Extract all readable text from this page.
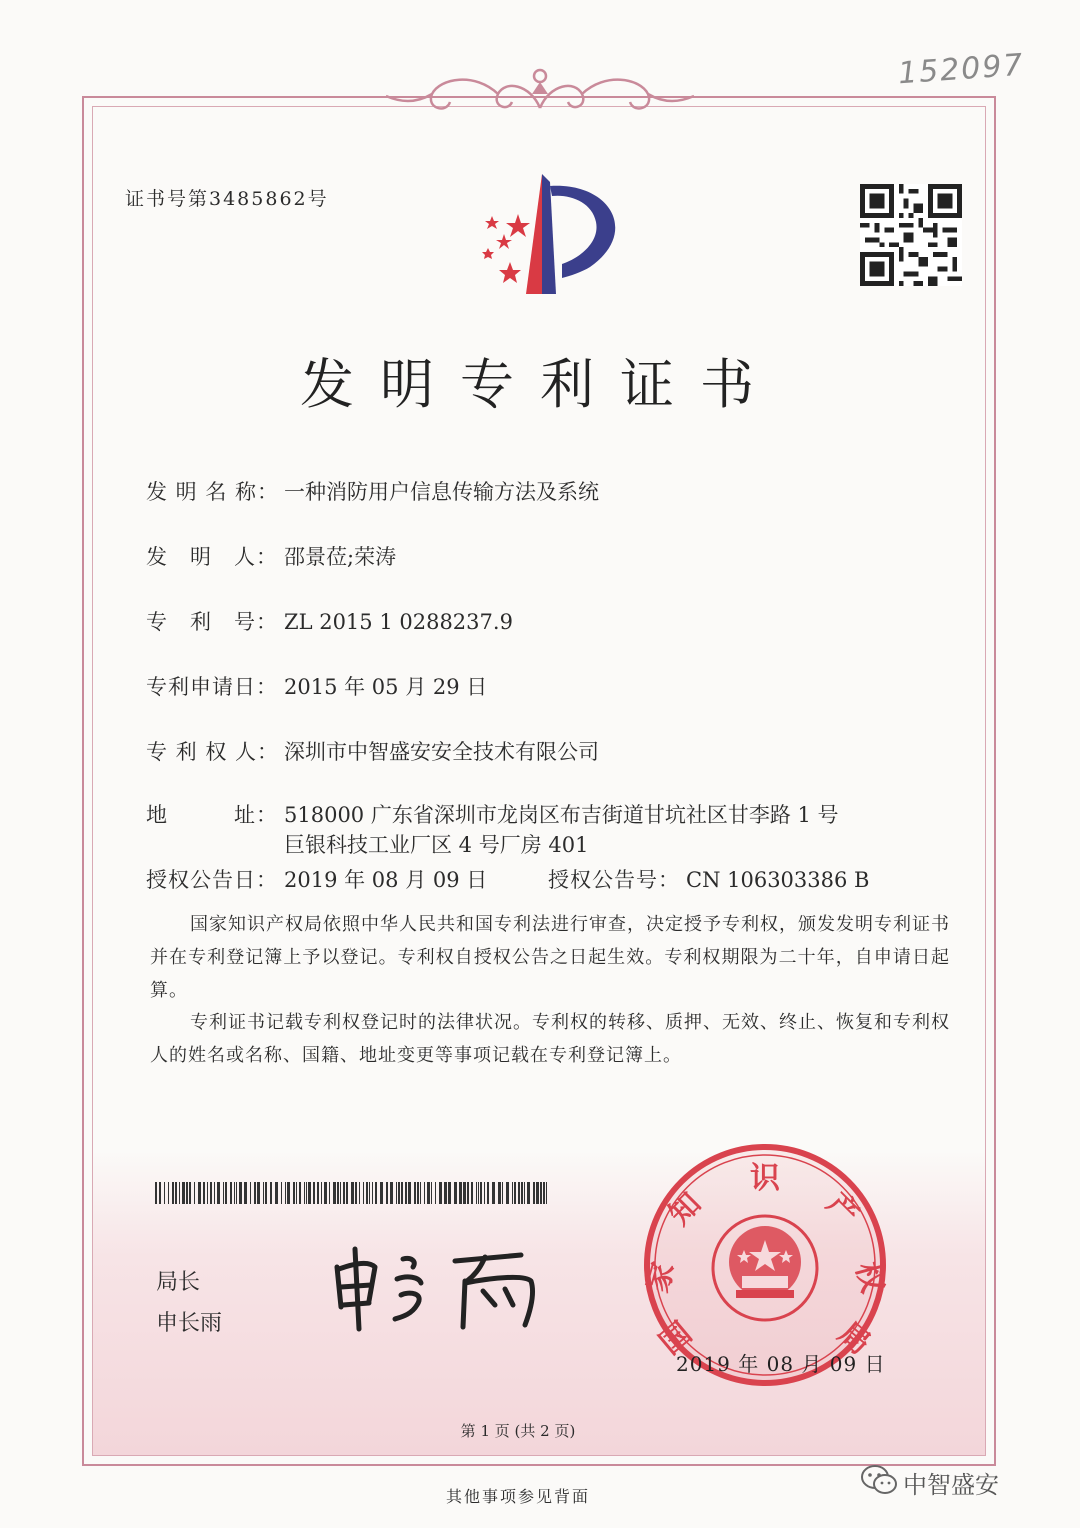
152097
证书号第3485862号
发明专利证书
发 明 名 称： 一种消防用户信息传输方法及系统
发　明　人： 邵景莅;荣涛
专　利　号： ZL 2015 1 0288237.9
专利申请日： 2015 年 05 月 29 日
专 利 权 人： 深圳市中智盛安安全技术有限公司
地　　　址： 518000 广东省深圳市龙岗区布吉街道甘坑社区甘李路 1 号
巨银科技工业厂区 4 号厂房 401
授权公告日： 2019 年 08 月 09 日	授权公告号： CN 106303386 B
国家知识产权局依照中华人民共和国专利法进行审查，决定授予专利权，颁发发明专利证书并在专利登记簿上予以登记。专利权自授权公告之日起生效。专利权期限为二十年，自申请日起算。
专利证书记载专利权登记时的法律状况。专利权的转移、质押、无效、终止、恢复和专利权人的姓名或名称、国籍、地址变更等事项记载在专利登记簿上。
局长
申长雨	国
家
知
识
产
权
局
2019 年 08 月 09 日
第 1 页 (共 2 页)
其他事项参见背面	中智盛安
